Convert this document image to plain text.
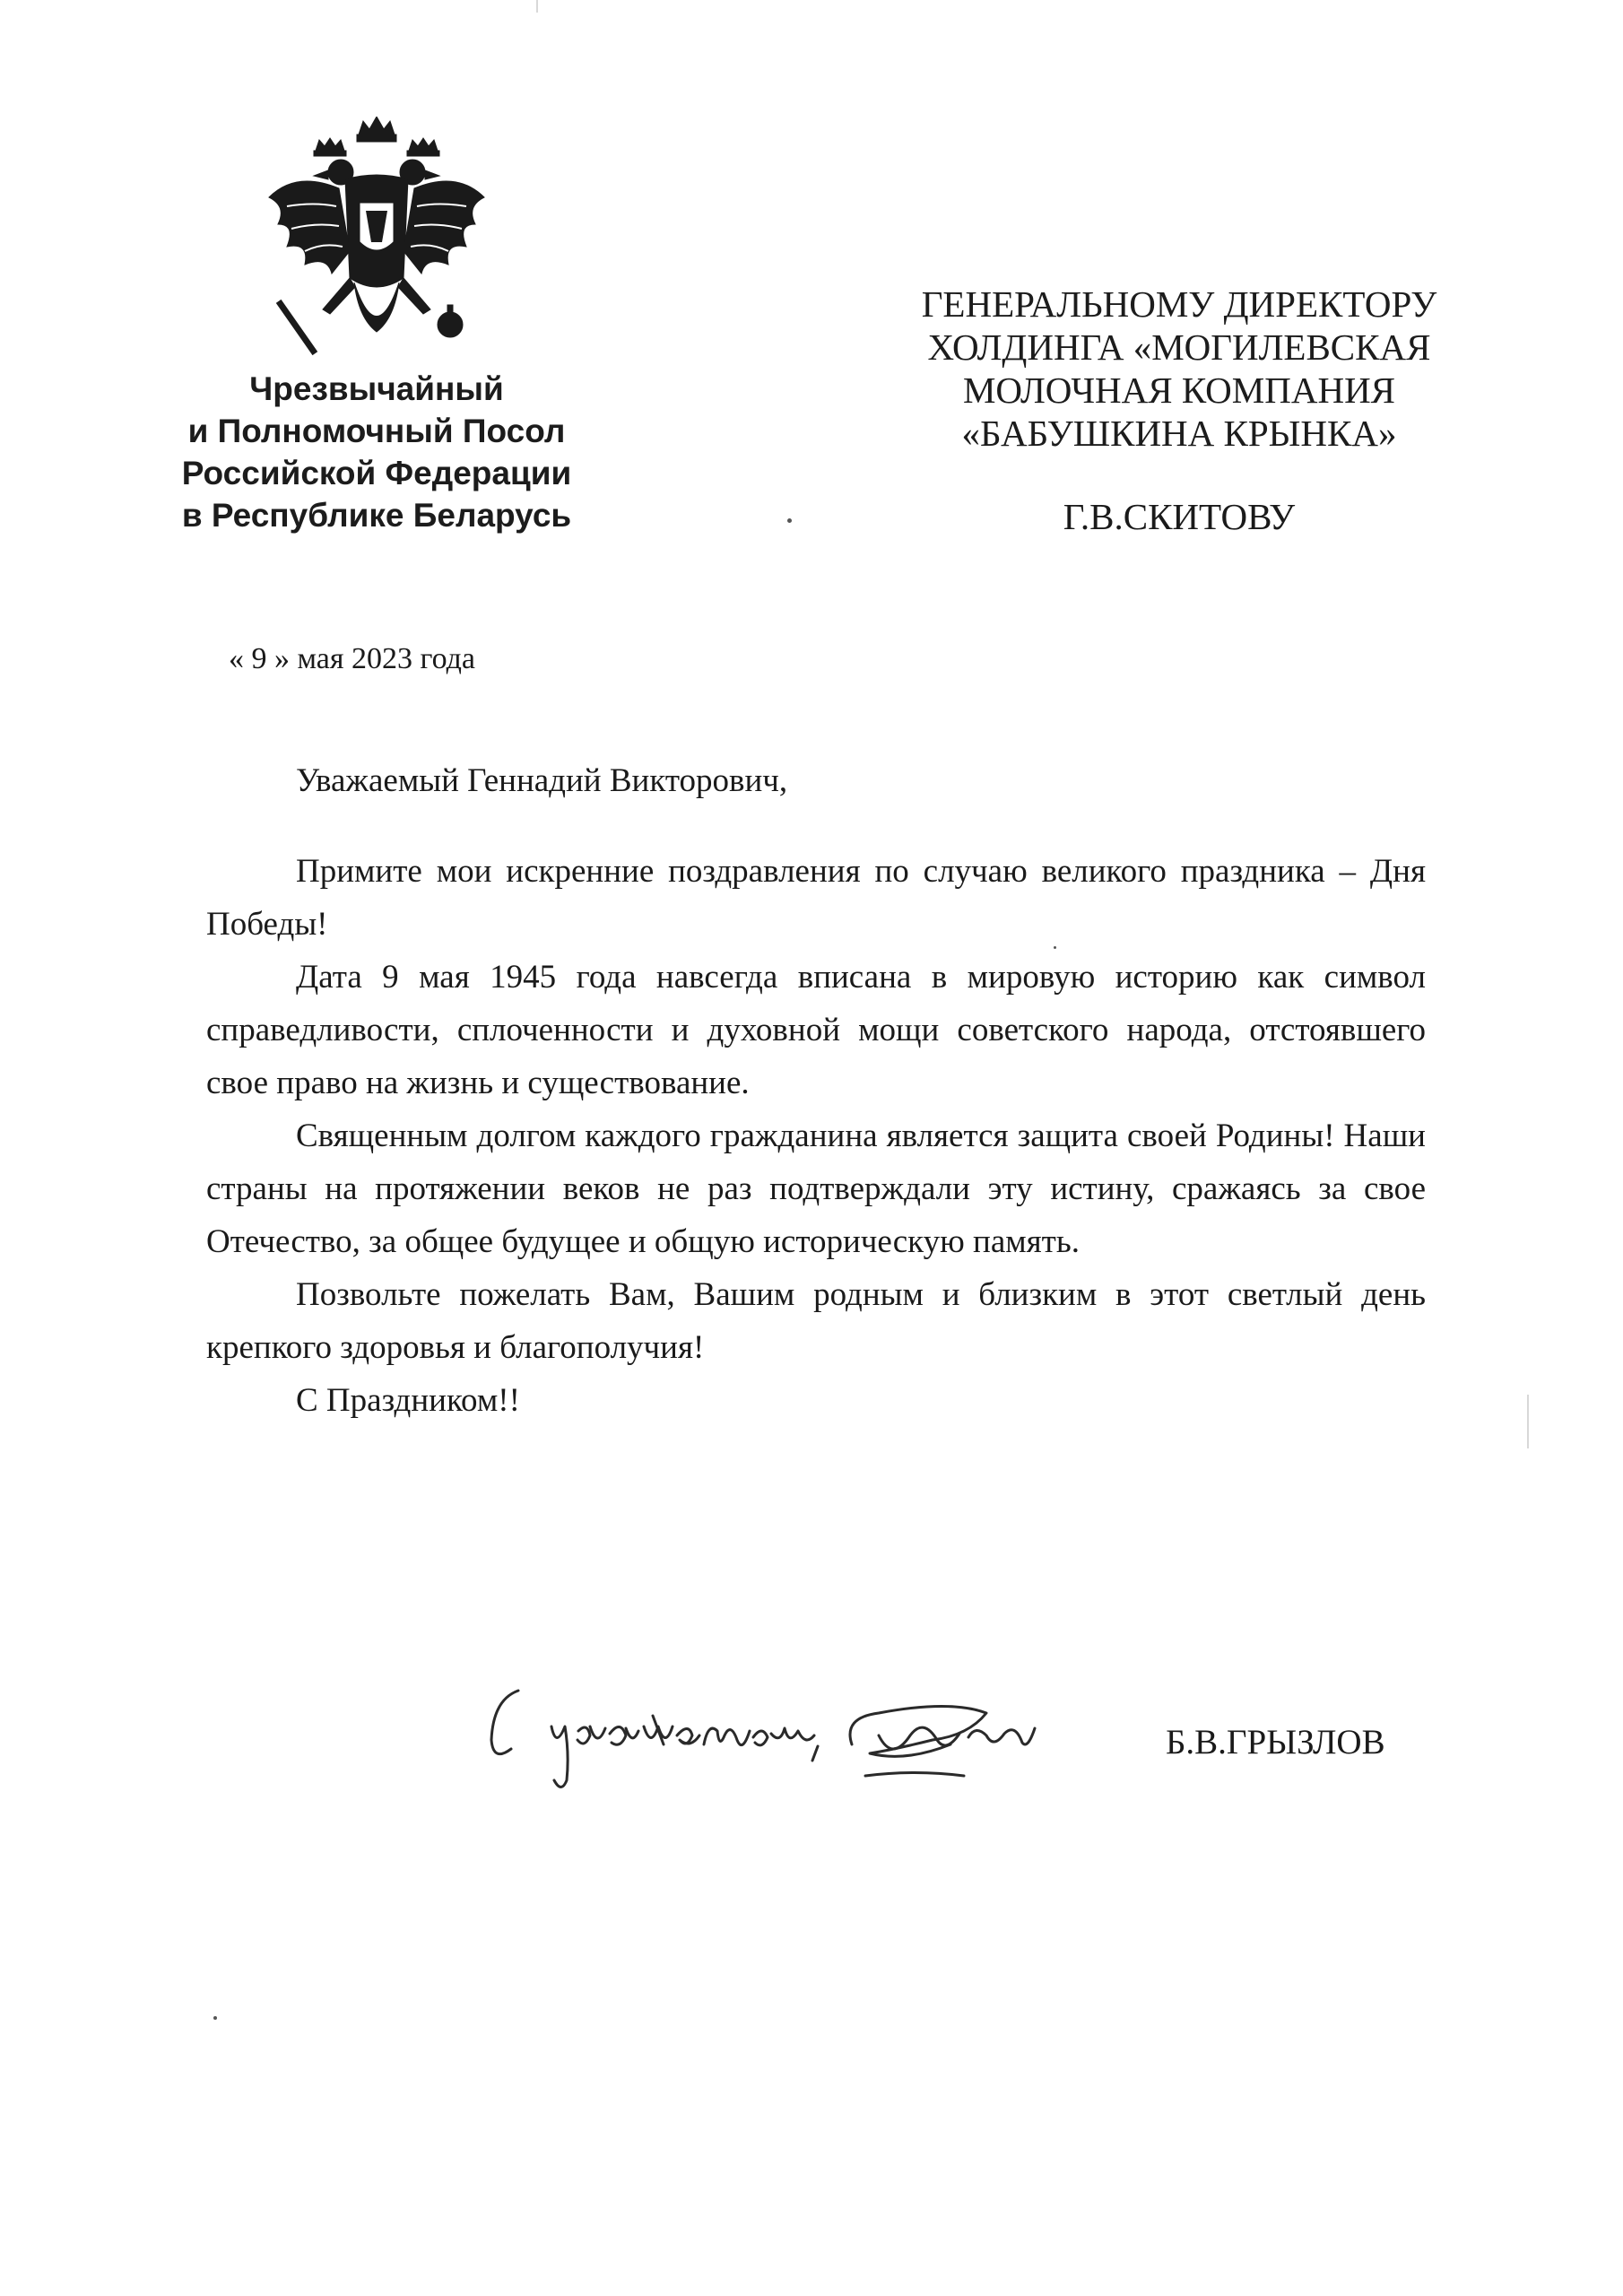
Чрезвычайный
и Полномочный Посол
Российской Федерации
в Республике Беларусь
ГЕНЕРАЛЬНОМУ ДИРЕКТОРУ
ХОЛДИНГА «МОГИЛЕВСКАЯ
МОЛОЧНАЯ КОМПАНИЯ
«БАБУШКИНА КРЫНКА»
Г.В.СКИТОВУ
« 9 » мая 2023 года
Уважаемый Геннадий Викторович,

Примите мои искренние поздравления по случаю великого праздника – Дня Победы!

Дата 9 мая 1945 года навсегда вписана в мировую историю как символ справедливости, сплоченности и духовной мощи советского народа, отстоявшего свое право на жизнь и существование.

Священным долгом каждого гражданина является защита своей Родины! Наши страны на протяжении веков не раз подтверждали эту истину, сражаясь за свое Отечество, за общее будущее и общую историческую память.

Позвольте пожелать Вам, Вашим родным и близким в этот светлый день крепкого здоровья и благополучия!

С Праздником!!

Б.В.ГРЫЗЛОВ
